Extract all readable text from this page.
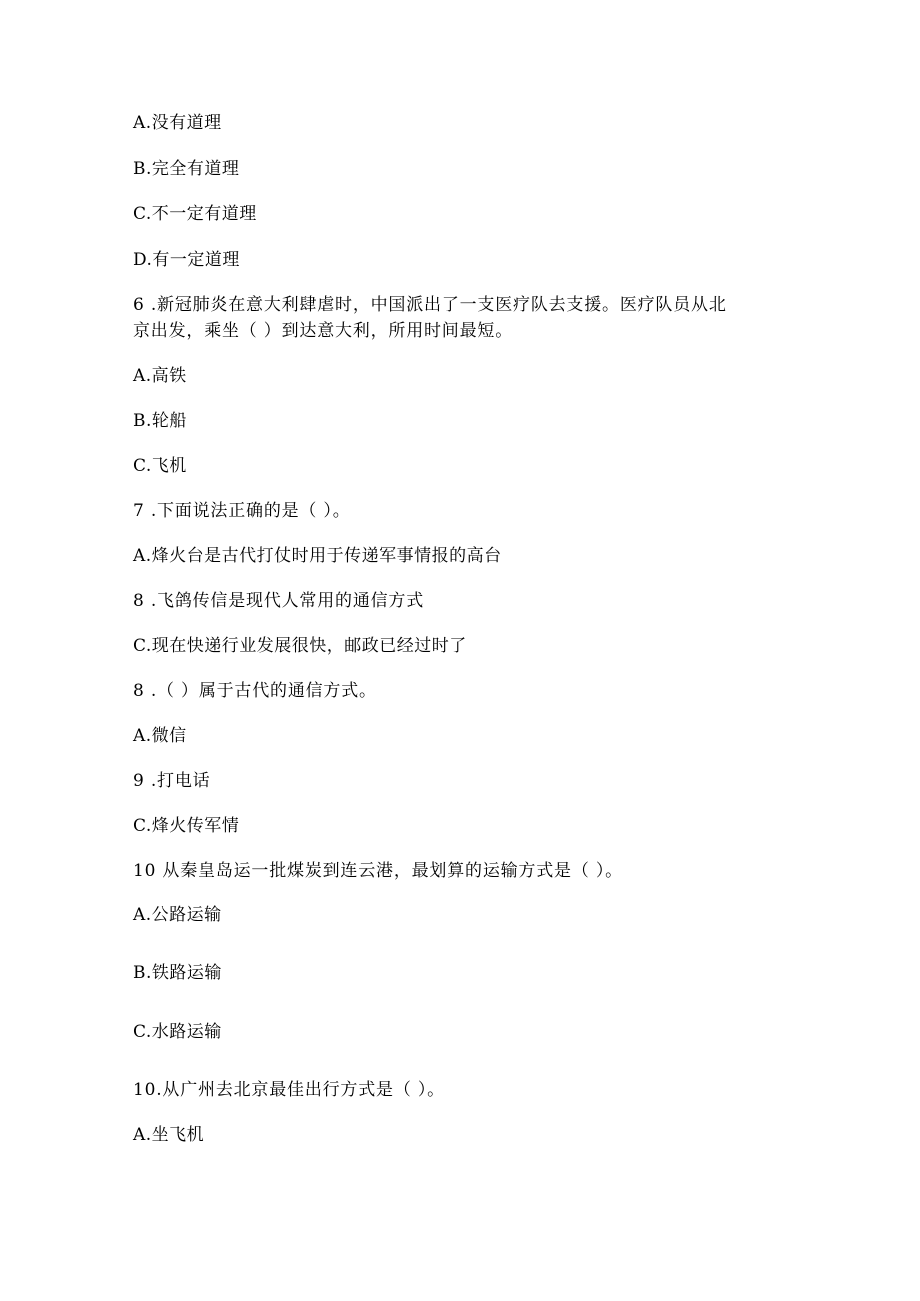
A.没有道理
B.完全有道理
C.不一定有道理
D.有一定道理
6 .新冠肺炎在意大利肆虐时，中国派出了一支医疗队去支援。医疗队员从北
京出发，乘坐（ ）到达意大利，所用时间最短。
A.高铁
B.轮船
C.飞机
7 .下面说法正确的是（ ）。
A.烽火台是古代打仗时用于传递军事情报的高台
8 .飞鸽传信是现代人常用的通信方式
C.现在快递行业发展很快，邮政已经过时了
8 .（ ）属于古代的通信方式。
A.微信
9 .打电话
C.烽火传军情
10 从秦皇岛运一批煤炭到连云港，最划算的运输方式是（ ）。
A.公路运输
B.铁路运输
C.水路运输
10.从广州去北京最佳出行方式是（ ）。
A.坐飞机
